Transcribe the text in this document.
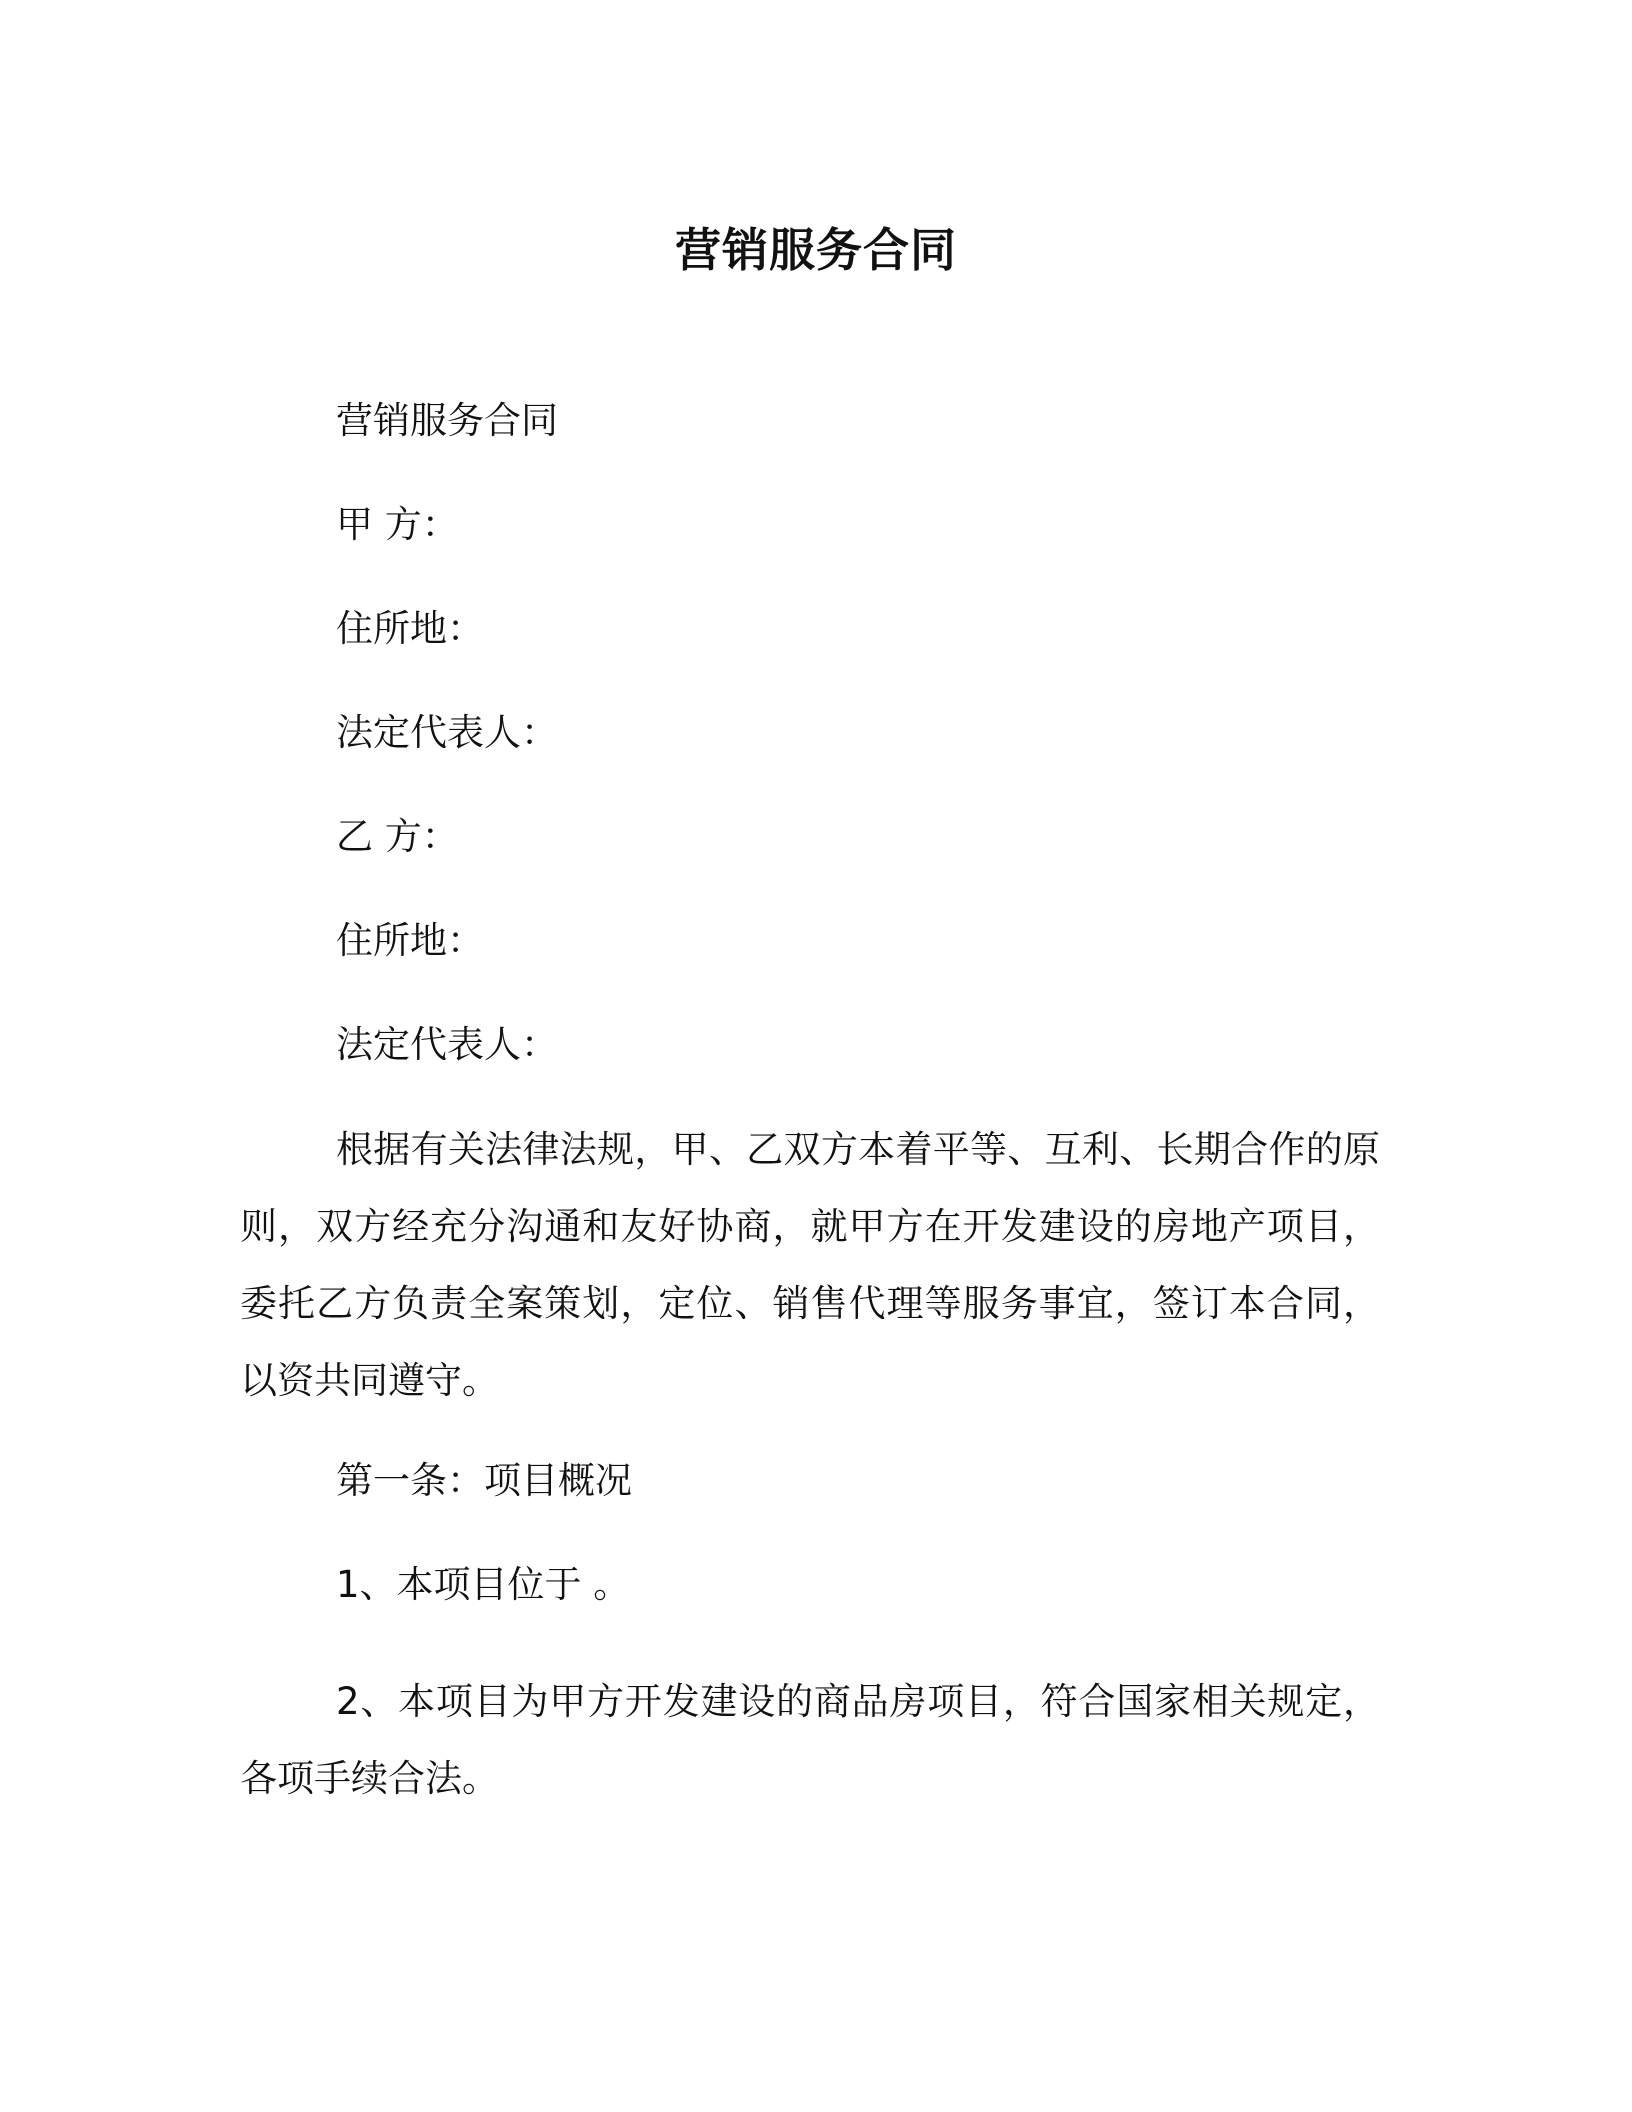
营销服务合同
营销服务合同
甲 方：
住所地：
法定代表人：
乙 方：
住所地：
法定代表人：
根据有关法律法规，甲、乙双方本着平等、互利、长期合作的原则，双方经充分沟通和友好协商，就甲方在开发建设的房地产项目，委托乙方负责全案策划，定位、销售代理等服务事宜，签订本合同，以资共同遵守。
第一条：项目概况
1、本项目位于 。
2、本项目为甲方开发建设的商品房项目，符合国家相关规定，各项手续合法。
